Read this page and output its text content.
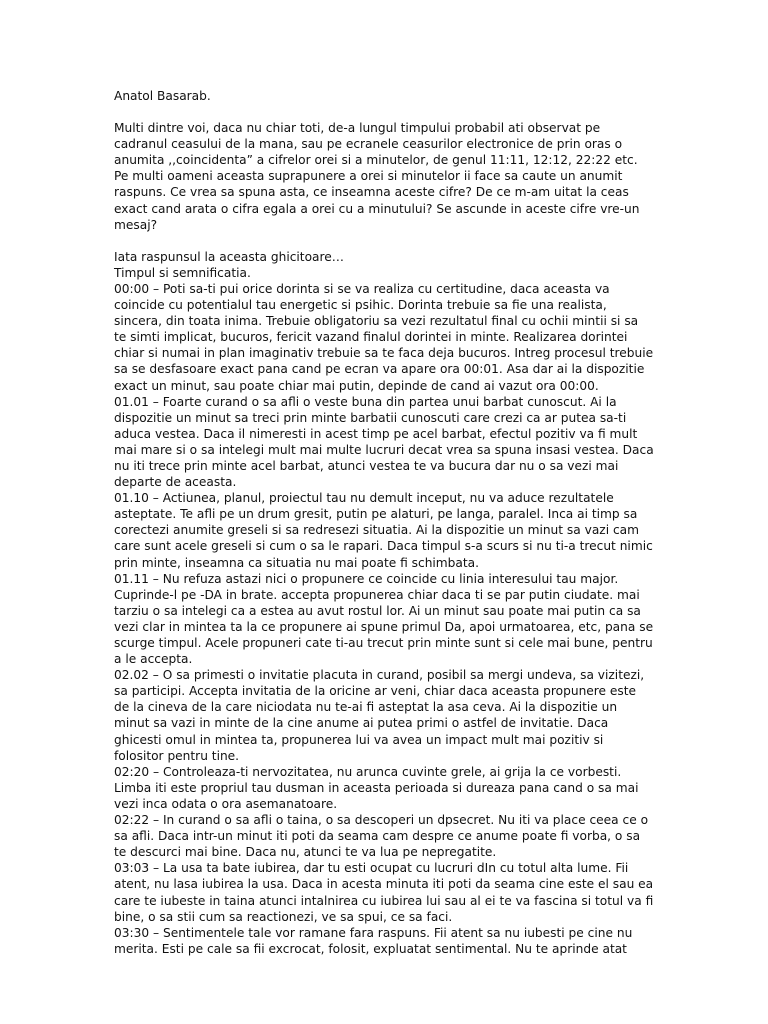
Anatol Basarab.

Multi dintre voi, daca nu chiar toti, de-a lungul timpului probabil ati observat pe cadranul ceasului de la mana, sau pe ecranele ceasurilor electronice de prin oras o anumita ,,coincidenta” a cifrelor orei si a minutelor, de genul 11:11, 12:12, 22:22 etc. Pe multi oameni aceasta suprapunere a orei si minutelor ii face sa caute un anumit raspuns. Ce vrea sa spuna asta, ce inseamna aceste cifre? De ce m-am uitat la ceas exact cand arata o cifra egala a orei cu a minutului? Se ascunde in aceste cifre vre-un mesaj?

Iata raspunsul la aceasta ghicitoare…

Timpul si semnificatia.

00:00 – Poti sa-ti pui orice dorinta si se va realiza cu certitudine, daca aceasta va coincide cu potentialul tau energetic si psihic. Dorinta trebuie sa fie una realista, sincera, din toata inima. Trebuie obligatoriu sa vezi rezultatul final cu ochii mintii si sa te simti implicat, bucuros, fericit vazand finalul dorintei in minte. Realizarea dorintei chiar si numai in plan imaginativ trebuie sa te faca deja bucuros. Intreg procesul trebuie sa se desfasoare exact pana cand pe ecran va apare ora 00:01. Asa dar ai la dispozitie exact un minut, sau poate chiar mai putin, depinde de cand ai vazut ora 00:00.

01.01 – Foarte curand o sa afli o veste buna din partea unui barbat cunoscut. Ai la dispozitie un minut sa treci prin minte barbatii cunoscuti care crezi ca ar putea sa-ti aduca vestea. Daca il nimeresti in acest timp pe acel barbat, efectul pozitiv va fi mult mai mare si o sa intelegi mult mai multe lucruri decat vrea sa spuna insasi vestea. Daca nu iti trece prin minte acel barbat, atunci vestea te va bucura dar nu o sa vezi mai departe de aceasta.

01.10 – Actiunea, planul, proiectul tau nu demult inceput, nu va aduce rezultatele asteptate. Te afli pe un drum gresit, putin pe alaturi, pe langa, paralel. Inca ai timp sa corectezi anumite greseli si sa redresezi situatia. Ai la dispozitie un minut sa vazi cam care sunt acele greseli si cum o sa le rapari. Daca timpul s-a scurs si nu ti-a trecut nimic prin minte, inseamna ca situatia nu mai poate fi schimbata.

01.11 – Nu refuza astazi nici o propunere ce coincide cu linia interesului tau major. Cuprinde-l pe -DA in brate. accepta propunerea chiar daca ti se par putin ciudate. mai tarziu o sa intelegi ca a estea au avut rostul lor. Ai un minut sau poate mai putin ca sa vezi clar in mintea ta la ce propunere ai spune primul Da, apoi urmatoarea, etc, pana se scurge timpul. Acele propuneri cate ti-au trecut prin minte sunt si cele mai bune, pentru a le accepta.

02.02 – O sa primesti o invitatie placuta in curand, posibil sa mergi undeva, sa vizitezi, sa participi. Accepta invitatia de la oricine ar veni, chiar daca aceasta propunere este de la cineva de la care niciodata nu te-ai fi asteptat la asa ceva. Ai la dispozitie un minut sa vazi in minte de la cine anume ai putea primi o astfel de invitatie. Daca ghicesti omul in mintea ta, propunerea lui va avea un impact mult mai pozitiv si folositor pentru tine.

02:20 – Controleaza-ti nervozitatea, nu arunca cuvinte grele, ai grija la ce vorbesti. Limba iti este propriul tau dusman in aceasta perioada si dureaza pana cand o sa mai vezi inca odata o ora asemanatoare.

02:22 – In curand o sa afli o taina, o sa descoperi un dpsecret. Nu iti va place ceea ce o sa afli. Daca intr-un minut iti poti da seama cam despre ce anume poate fi vorba, o sa te descurci mai bine. Daca nu, atunci te va lua pe nepregatite.

03:03 – La usa ta bate iubirea, dar tu esti ocupat cu lucruri dIn cu totul alta lume. Fii atent, nu lasa iubirea la usa. Daca in acesta minuta iti poti da seama cine este el sau ea care te iubeste in taina atunci intalnirea cu iubirea lui sau al ei te va fascina si totul va fi bine, o sa stii cum sa reactionezi, ve sa spui, ce sa faci.

03:30 – Sentimentele tale vor ramane fara raspuns. Fii atent sa nu iubesti pe cine nu merita. Esti pe cale sa fii excrocat, folosit, expluatat sentimental. Nu te aprinde atat
